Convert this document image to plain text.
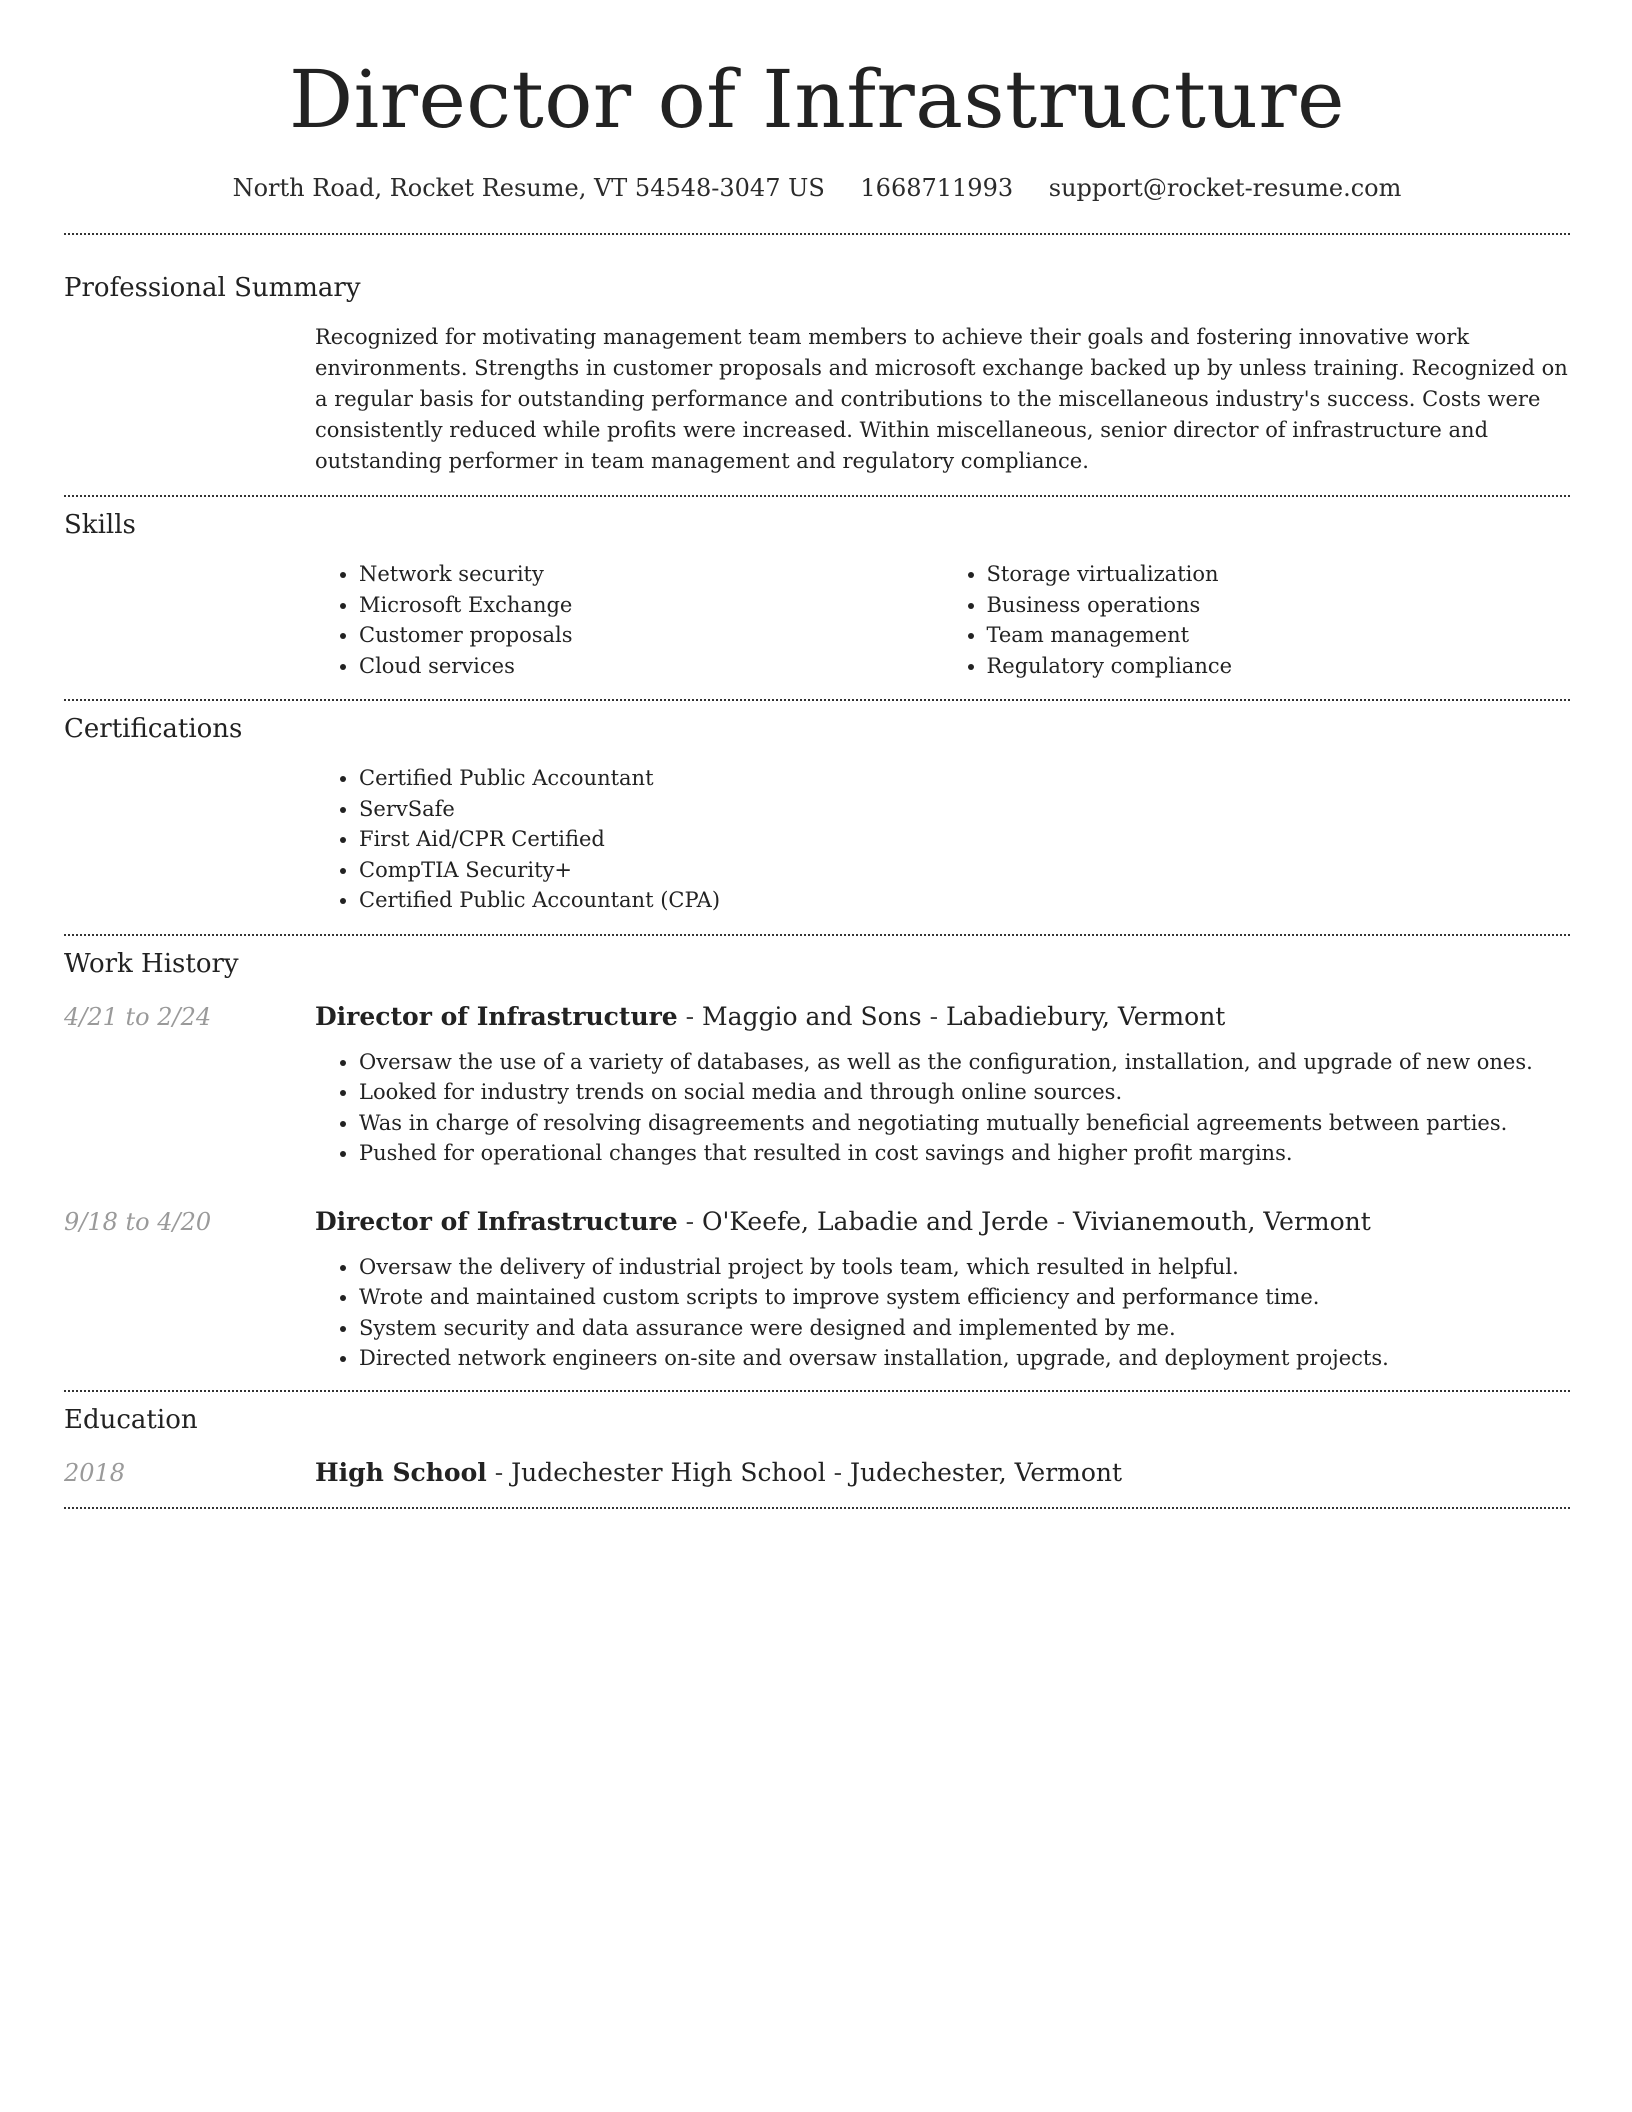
Director of Infrastructure
North Road, Rocket Resume, VT 54548-3047 US 1668711993 support@rocket-resume.com
Professional Summary

Recognized for motivating management team members to achieve their goals and fostering innovative work environments. Strengths in customer proposals and microsoft exchange backed up by unless training. Recognized on a regular basis for outstanding performance and contributions to the miscellaneous industry's success. Costs were consistently reduced while profits were increased. Within miscellaneous, senior director of infrastructure and outstanding performer in team management and regulatory compliance.

Skills
• Network security
• Microsoft Exchange
• Customer proposals
• Cloud services
• Storage virtualization
• Business operations
• Team management
• Regulatory compliance
Certifications
• Certified Public Accountant
• ServSafe
• First Aid/CPR Certified
• CompTIA Security+
• Certified Public Accountant (CPA)
Work History
4/21 to 2/24	Director of Infrastructure - Maggio and Sons - Labadiebury, Vermont
• Oversaw the use of a variety of databases, as well as the configuration, installation, and upgrade of new ones.
• Looked for industry trends on social media and through online sources.
• Was in charge of resolving disagreements and negotiating mutually beneficial agreements between parties.
• Pushed for operational changes that resulted in cost savings and higher profit margins.
9/18 to 4/20	Director of Infrastructure - O'Keefe, Labadie and Jerde - Vivianemouth, Vermont
• Oversaw the delivery of industrial project by tools team, which resulted in helpful.
• Wrote and maintained custom scripts to improve system efficiency and performance time.
• System security and data assurance were designed and implemented by me.
• Directed network engineers on-site and oversaw installation, upgrade, and deployment projects.
Education
2018	High School - Judechester High School - Judechester, Vermont
